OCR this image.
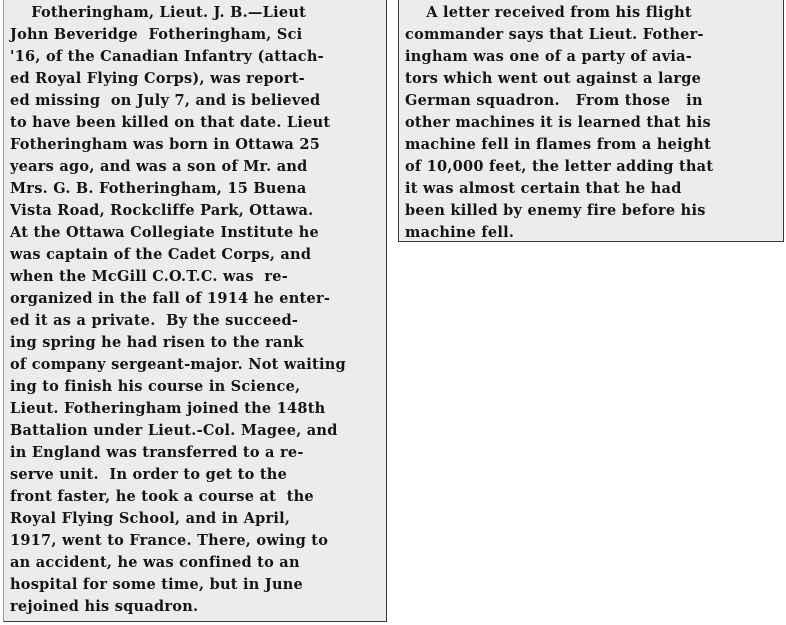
Fotheringham, Lieut. J. B.—Lieut
John Beveridge  Fotheringham, Sci
'16, of the Canadian Infantry (attach-
ed Royal Flying Corps), was report-
ed missing  on July 7, and is believed
to have been killed on that date. Lieut
Fotheringham was born in Ottawa 25
years ago, and was a son of Mr. and
Mrs. G. B. Fotheringham, 15 Buena
Vista Road, Rockcliffe Park, Ottawa.
At the Ottawa Collegiate Institute he
was captain of the Cadet Corps, and
when the McGill C.O.T.C. was  re-
organized in the fall of 1914 he enter-
ed it as a private.  By the succeed-
ing spring he had risen to the rank
of company sergeant-major. Not waiting
ing to finish his course in Science,
Lieut. Fotheringham joined the 148th
Battalion under Lieut.-Col. Magee, and
in England was transferred to a re-
serve unit.  In order to get to the
front faster, he took a course at  the
Royal Flying School, and in April,
1917, went to France. There, owing to
an accident, he was confined to an
hospital for some time, but in June
rejoined his squadron.
A letter received from his flight
commander says that Lieut. Fother-
ingham was one of a party of avia-
tors which went out against a large
German squadron.   From those   in
other machines it is learned that his
machine fell in flames from a height
of 10,000 feet, the letter adding that
it was almost certain that he had
been killed by enemy fire before his
machine fell.
